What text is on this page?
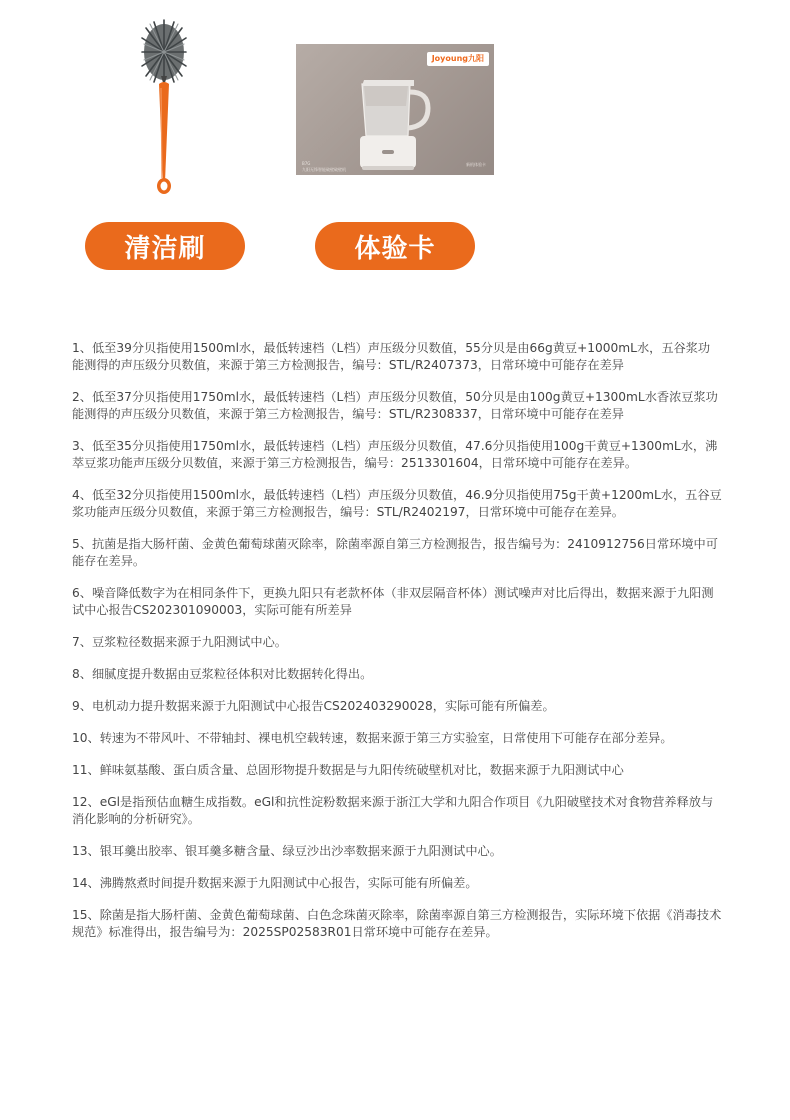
Joyoung九阳
B7G
九阳无锋智能破壁破壁机
新机体验卡
清洁刷	体验卡

1、低至39分贝指使用1500ml水，最低转速档（L档）声压级分贝数值，55分贝是由66g黄豆+1000mL水，五谷浆功能测得的声压级分贝数值，来源于第三方检测报告，编号：STL/R2407373，日常环境中可能存在差异

2、低至37分贝指使用1750ml水，最低转速档（L档）声压级分贝数值，50分贝是由100g黄豆+1300mL水香浓豆浆功能测得的声压级分贝数值，来源于第三方检测报告，编号：STL/R2308337，日常环境中可能存在差异

3、低至35分贝指使用1750ml水，最低转速档（L档）声压级分贝数值，47.6分贝指使用100g干黄豆+1300mL水，沸萃豆浆功能声压级分贝数值，来源于第三方检测报告，编号：2513301604，日常环境中可能存在差异。

4、低至32分贝指使用1500ml水，最低转速档（L档）声压级分贝数值，46.9分贝指使用75g干黄+1200mL水，五谷豆浆功能声压级分贝数值，来源于第三方检测报告，编号：STL/R2402197，日常环境中可能存在差异。

5、抗菌是指大肠杆菌、金黄色葡萄球菌灭除率，除菌率源自第三方检测报告，报告编号为：2410912756日常环境中可能存在差异。

6、噪音降低数字为在相同条件下，更换九阳只有老款杯体（非双层隔音杯体）测试噪声对比后得出，数据来源于九阳测试中心报告CS202301090003，实际可能有所差异

7、豆浆粒径数据来源于九阳测试中心。

8、细腻度提升数据由豆浆粒径体积对比数据转化得出。

9、电机动力提升数据来源于九阳测试中心报告CS202403290028，实际可能有所偏差。

10、转速为不带风叶、不带轴封、裸电机空载转速，数据来源于第三方实验室，日常使用下可能存在部分差异。

11、鲜味氨基酸、蛋白质含量、总固形物提升数据是与九阳传统破壁机对比，数据来源于九阳测试中心

12、eGl是指预估血糖生成指数。eGl和抗性淀粉数据来源于浙江大学和九阳合作项目《九阳破壁技术对食物营养释放与消化影响的分析研究》。

13、银耳羹出胶率、银耳羹多糖含量、绿豆沙出沙率数据来源于九阳测试中心。

14、沸腾熬煮时间提升数据来源于九阳测试中心报告，实际可能有所偏差。

15、除菌是指大肠杆菌、金黄色葡萄球菌、白色念珠菌灭除率，除菌率源自第三方检测报告，实际环境下依据《消毒技术规范》标准得出，报告编号为：2025SP02583R01日常环境中可能存在差异。
